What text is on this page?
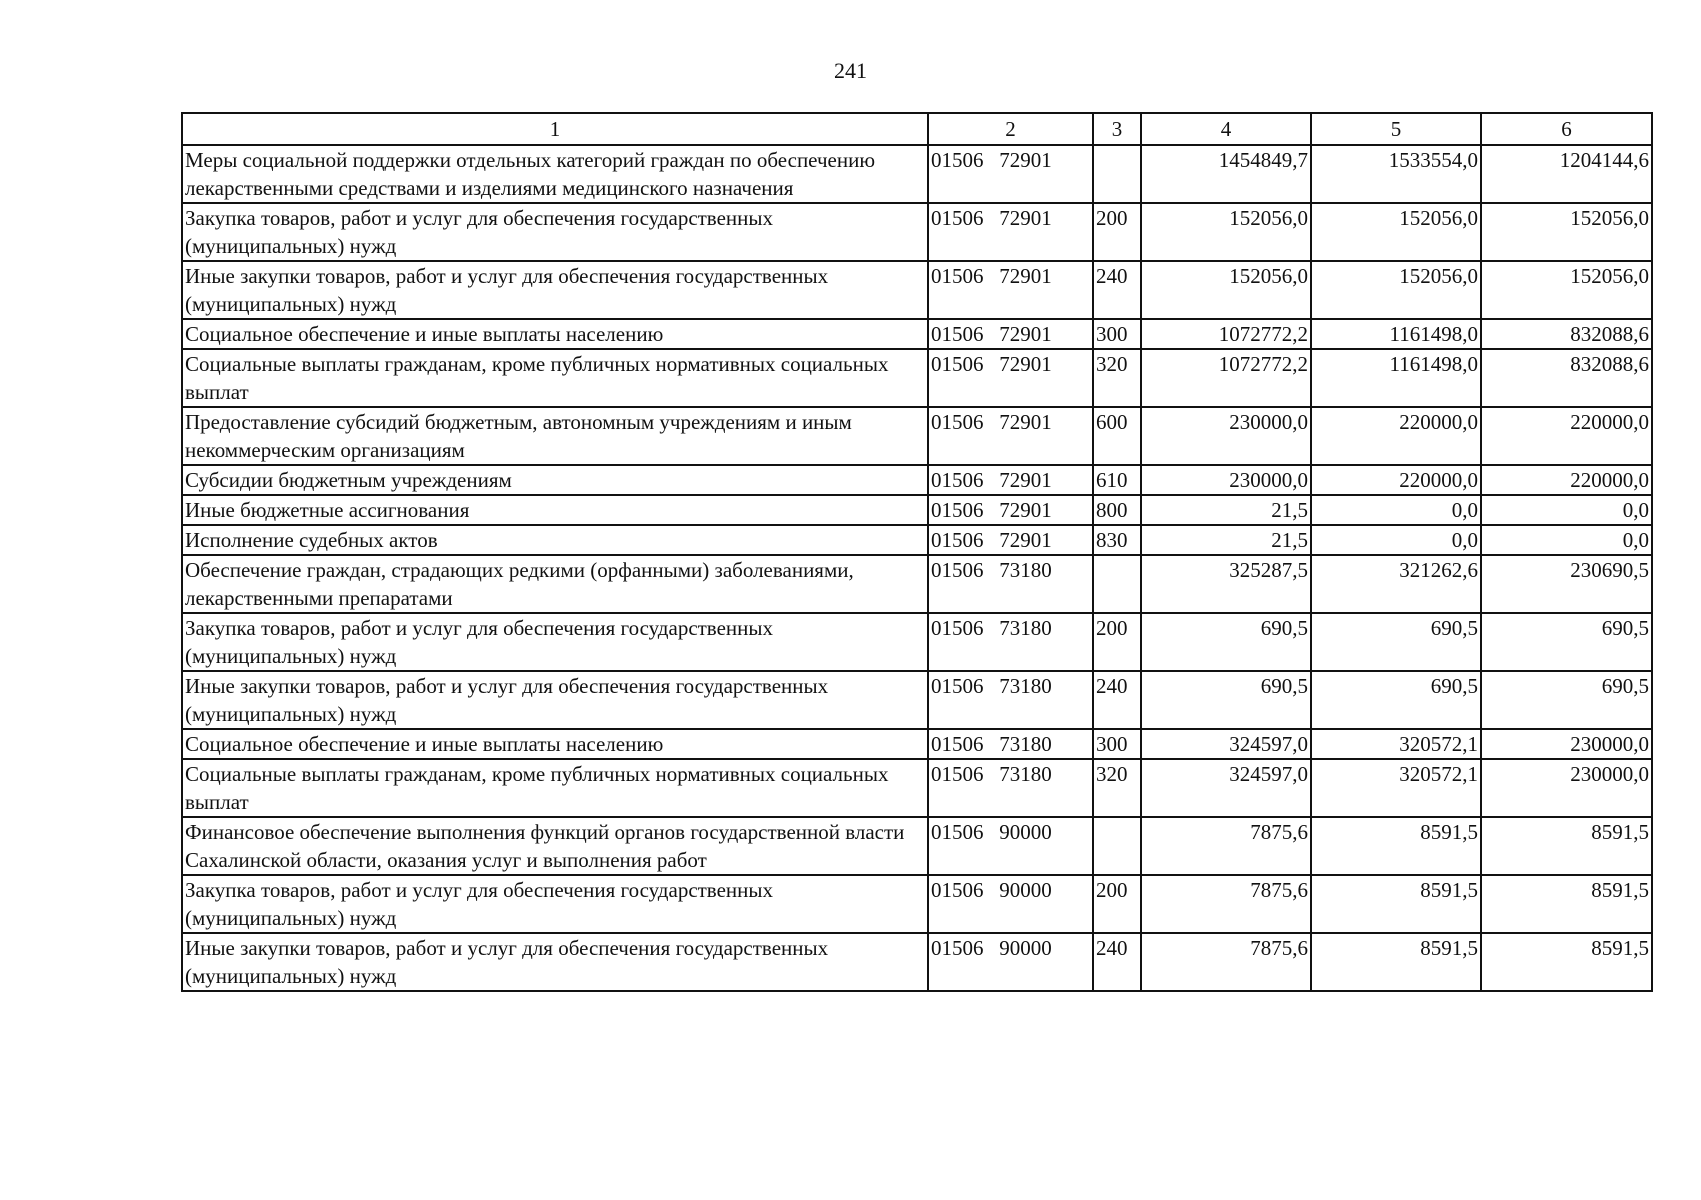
241
1	2	3	4	5	6
Меры социальной поддержки отдельных категорий граждан по обеспечению лекарственными средствами и изделиями медицинского назначения	01506   72901		1454849,7	1533554,0	1204144,6
Закупка товаров, работ и услуг для обеспечения государственных (муниципальных) нужд	01506   72901	200	152056,0	152056,0	152056,0
Иные закупки товаров, работ и услуг для обеспечения государственных (муниципальных) нужд	01506   72901	240	152056,0	152056,0	152056,0
Социальное обеспечение и иные выплаты населению	01506   72901	300	1072772,2	1161498,0	832088,6
Социальные выплаты гражданам, кроме публичных нормативных социальных выплат	01506   72901	320	1072772,2	1161498,0	832088,6
Предоставление субсидий бюджетным, автономным учреждениям и иным некоммерческим организациям	01506   72901	600	230000,0	220000,0	220000,0
Субсидии бюджетным учреждениям	01506   72901	610	230000,0	220000,0	220000,0
Иные бюджетные ассигнования	01506   72901	800	21,5	0,0	0,0
Исполнение судебных актов	01506   72901	830	21,5	0,0	0,0
Обеспечение граждан, страдающих редкими (орфанными) заболеваниями, лекарственными препаратами	01506   73180		325287,5	321262,6	230690,5
Закупка товаров, работ и услуг для обеспечения государственных (муниципальных) нужд	01506   73180	200	690,5	690,5	690,5
Иные закупки товаров, работ и услуг для обеспечения государственных (муниципальных) нужд	01506   73180	240	690,5	690,5	690,5
Социальное обеспечение и иные выплаты населению	01506   73180	300	324597,0	320572,1	230000,0
Социальные выплаты гражданам, кроме публичных нормативных социальных выплат	01506   73180	320	324597,0	320572,1	230000,0
Финансовое обеспечение выполнения функций органов государственной власти Сахалинской области, оказания услуг и выполнения работ	01506   90000		7875,6	8591,5	8591,5
Закупка товаров, работ и услуг для обеспечения государственных (муниципальных) нужд	01506   90000	200	7875,6	8591,5	8591,5
Иные закупки товаров, работ и услуг для обеспечения государственных (муниципальных) нужд	01506   90000	240	7875,6	8591,5	8591,5
